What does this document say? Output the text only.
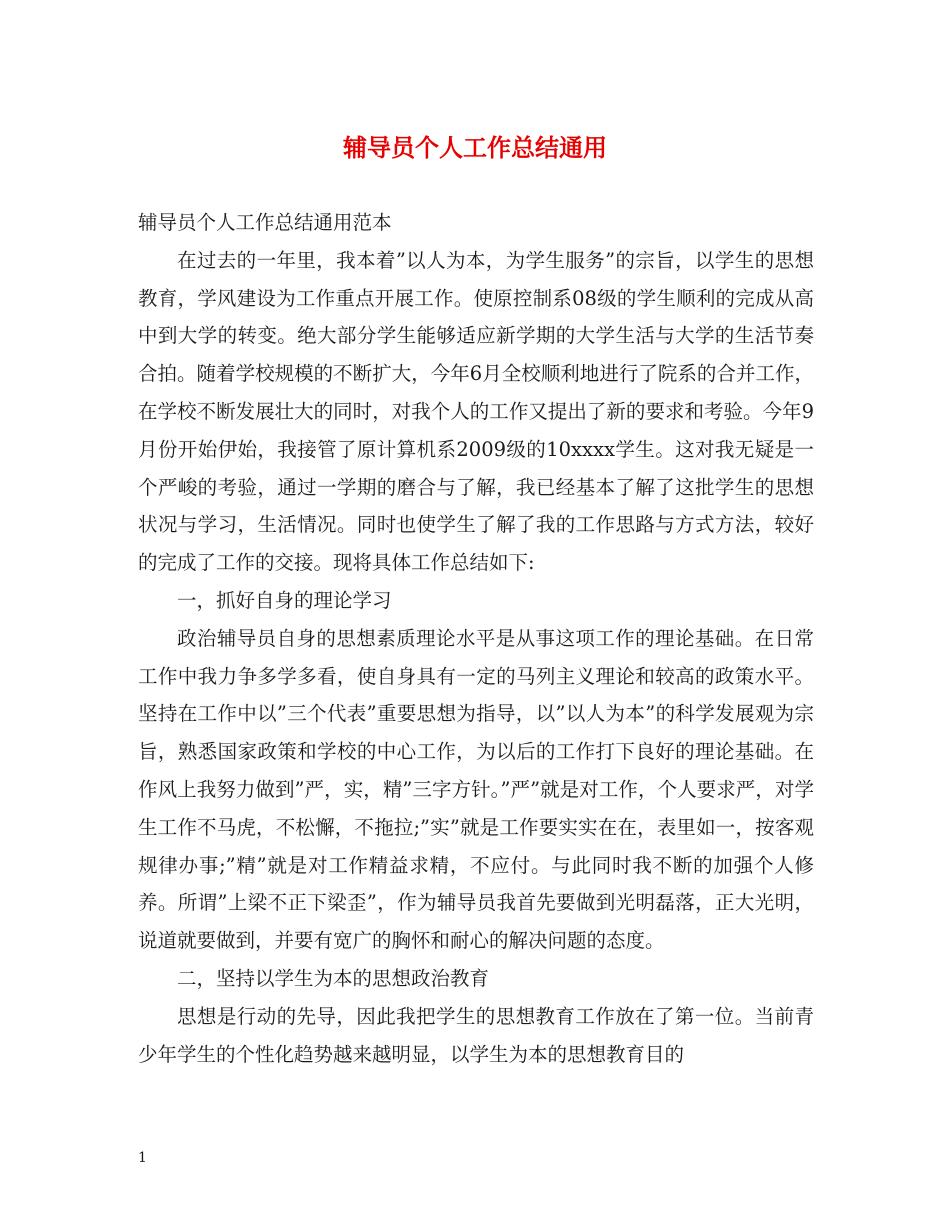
辅导员个人工作总结通用

辅导员个人工作总结通用范本

在过去的一年里，我本着”以人为本，为学生服务”的宗旨，以学生的思想教育，学风建设为工作重点开展工作。使原控制系08级的学生顺利的完成从高中到大学的转变。绝大部分学生能够适应新学期的大学生活与大学的生活节奏合拍。随着学校规模的不断扩大，今年6月全校顺利地进行了院系的合并工作，在学校不断发展壮大的同时，对我个人的工作又提出了新的要求和考验。今年9月份开始伊始，我接管了原计算机系2009级的10xxxx学生。这对我无疑是一个严峻的考验，通过一学期的磨合与了解，我已经基本了解了这批学生的思想状况与学习，生活情况。同时也使学生了解了我的工作思路与方式方法，较好的完成了工作的交接。现将具体工作总结如下:

一，抓好自身的理论学习

政治辅导员自身的思想素质理论水平是从事这项工作的理论基础。在日常工作中我力争多学多看，使自身具有一定的马列主义理论和较高的政策水平。坚持在工作中以”三个代表”重要思想为指导，以”以人为本”的科学发展观为宗旨，熟悉国家政策和学校的中心工作，为以后的工作打下良好的理论基础。在作风上我努力做到”严，实，精”三字方针。”严”就是对工作，个人要求严，对学生工作不马虎，不松懈，不拖拉;”实”就是工作要实实在在，表里如一，按客观规律办事;”精”就是对工作精益求精，不应付。与此同时我不断的加强个人修养。所谓”上梁不正下梁歪”，作为辅导员我首先要做到光明磊落，正大光明，说道就要做到，并要有宽广的胸怀和耐心的解决问题的态度。

二，坚持以学生为本的思想政治教育

思想是行动的先导，因此我把学生的思想教育工作放在了第一位。当前青少年学生的个性化趋势越来越明显，以学生为本的思想教育目的

1
